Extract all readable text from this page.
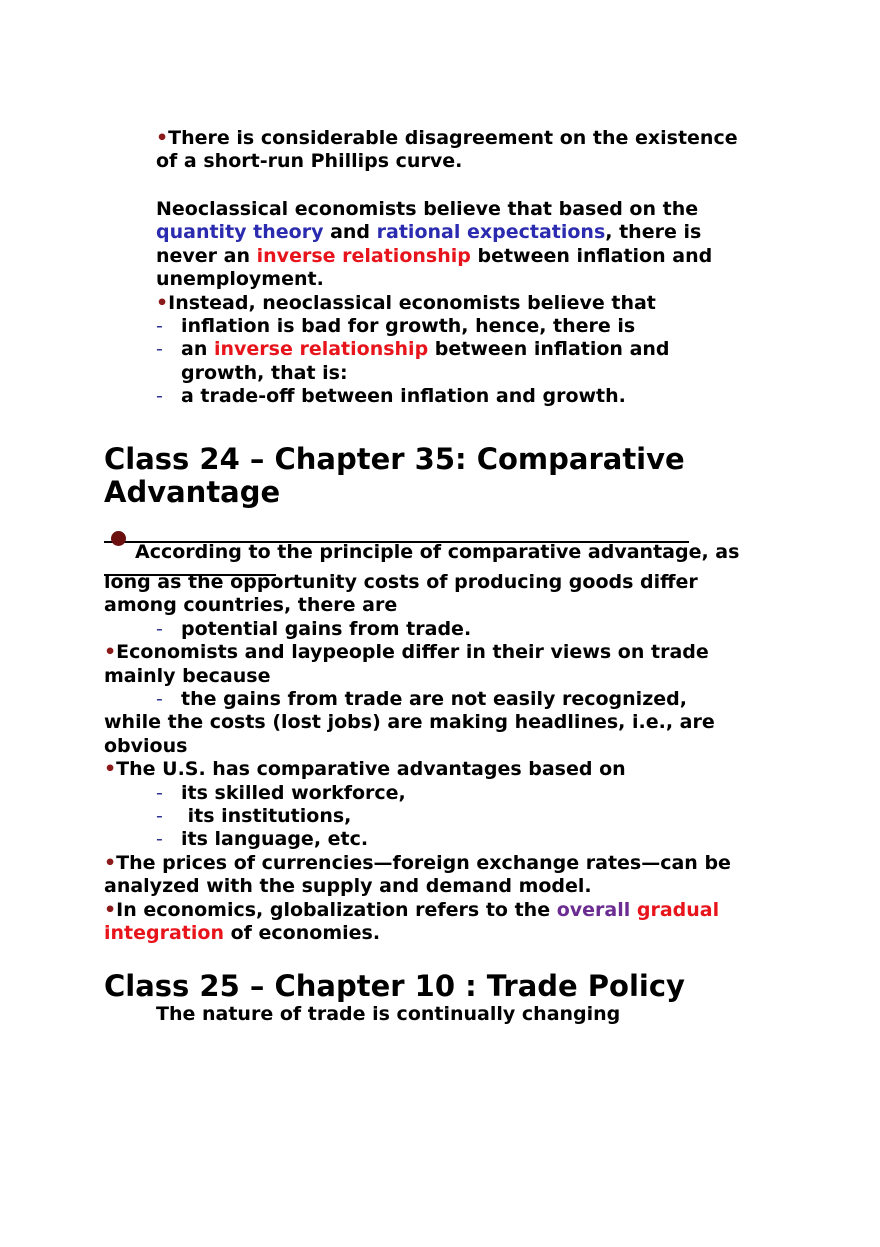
•There is considerable disagreement on the existence
of a short-run Phillips curve.
Neoclassical economists believe that based on the
quantity theory and rational expectations, there is
never an inverse relationship between inflation and
unemployment.
•Instead, neoclassical economists believe that
- inflation is bad for growth, hence, there is
- an inverse relationship between inflation and
growth, that is:
- a trade-off between inflation and growth.
Class 24 – Chapter 35: Comparative
Advantage
According to the principle of comparative advantage, as
long as the opportunity costs of producing goods differ
among countries, there are
- potential gains from trade.
•Economists and laypeople differ in their views on trade
mainly because
- the gains from trade are not easily recognized,
while the costs (lost jobs) are making headlines, i.e., are
obvious
•The U.S. has comparative advantages based on
- its skilled workforce,
- its institutions,
- its language, etc.
•The prices of currencies—foreign exchange rates—can be
analyzed with the supply and demand model.
•In economics, globalization refers to the overall gradual
integration of economies.
Class 25 – Chapter 10 : Trade Policy
The nature of trade is continually changing
